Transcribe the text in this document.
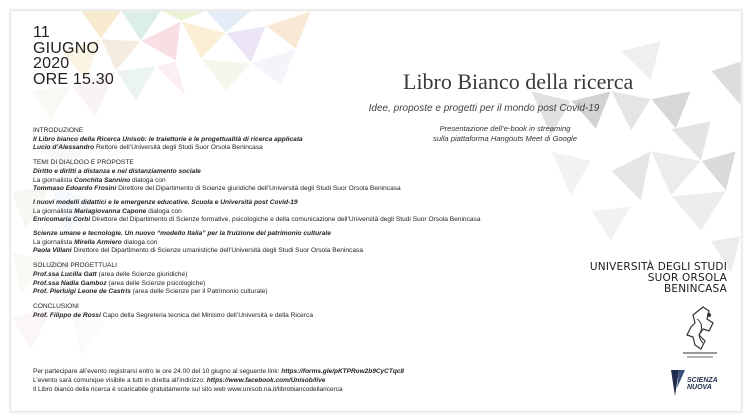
11
GIUGNO
2020
ORE 15.30	Libro Bianco della ricerca
Idee, proposte e progetti per il mondo post Covid-19
Presentazione dell’e-book in streaming
sulla piattaforma Hangouts Meet di Google
INTRODUZIONE
Il Libro bianco della Ricerca Unisob: le traiettorie e le progettualità di ricerca applicata
Lucio d’Alessandro Rettore dell’Università degli Studi Suor Orsola Benincasa
TEMI DI DIALOGO E PROPOSTE
Diritto e diritti a distanza e nel distanziamento sociale
La giornalista Conchita Sannino dialoga con
Tommaso Edoardo Frosini Direttore del Dipartimento di Scienze giuridiche dell’Università degli Studi Suor Orsola Benincasa
I nuovi modelli didattici e le emergenze educative. Scuola e Università post Covid-19
La giornalista Mariagiovanna Capone dialoga con
Enricomaria Corbi Direttore del Dipartimento di Scienze formative, psicologiche e della comunicazione dell’Università degli Studi Suor Orsola Benincasa
Scienze umane e tecnologie. Un nuovo “modello Italia” per la fruizione del patrimonio culturale
La giornalista Mirella Armiero dialoga con
Paola Villani Direttore del Dipartimento di Scienze umanistiche dell’Università degli Studi Suor Orsola Benincasa
SOLUZIONI PROGETTUALI
Prof.ssa Lucilla Gatt (area delle Scienze giuridiche)
Prof.ssa Nadia Gamboz (area delle Scienze psicologiche)
Prof. Pierluigi Leone de Castris (area delle Scienze per il Patrimonio culturale)
CONCLUSIONI
Prof. Filippo de Rossi Capo della Segreteria tecnica del Ministro dell’Università e della Ricerca
Per partecipare all’evento registrarsi entro le ore 24.00 del 10 giugno al seguente link: https://forms.gle/pKTPRow2b9CyCTqc8
L’evento sarà comunque visibile a tutti in diretta all’indirizzo: https://www.facebook.com/Unisob/live
Il Libro bianco della ricerca è scaricabile gratuitamente sul sito web www.unisob.na.it/librobiancodellaricerca
UNIVERSITÀ DEGLI STUDI
SUOR ORSOLA
BENINCASA
SCIENZA
NUOVA
